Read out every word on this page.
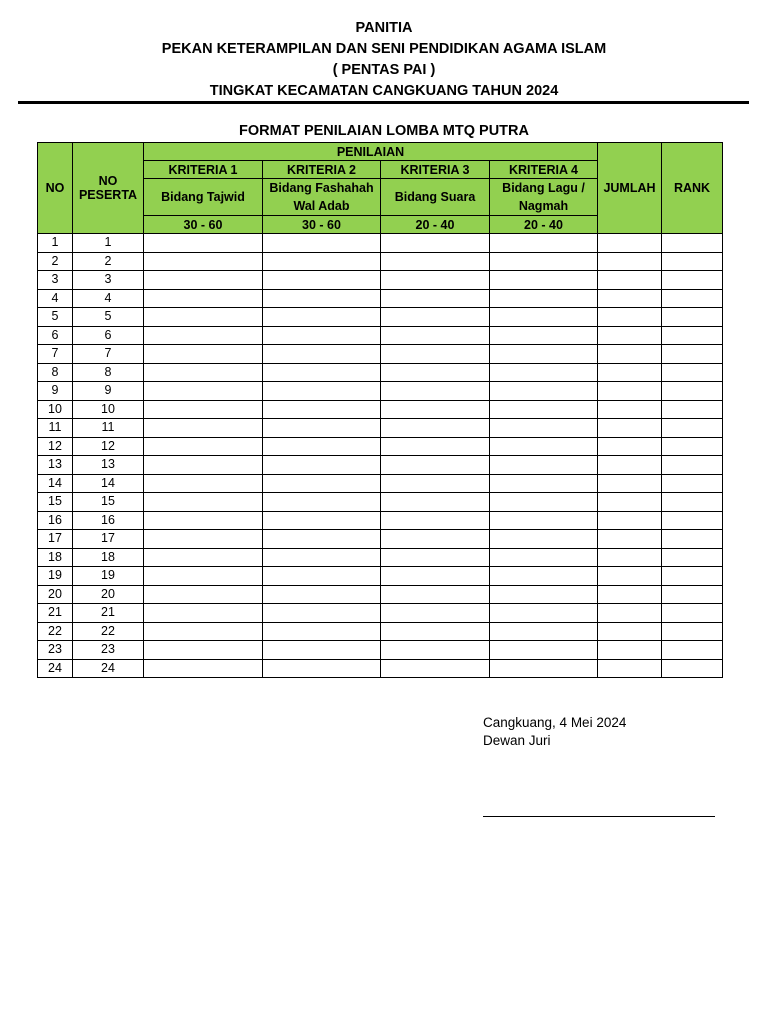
PANITIA
PEKAN KETERAMPILAN DAN SENI PENDIDIKAN AGAMA ISLAM
( PENTAS PAI )
TINGKAT KECAMATAN CANGKUANG TAHUN 2024
FORMAT PENILAIAN LOMBA MTQ PUTRA
NO	NO PESERTA	PENILAIAN				JUMLAH	RANK
		KRITERIA 1	KRITERIA 2	KRITERIA 3	KRITERIA 4		
		Bidang Tajwid	Bidang Fashahah Wal Adab	Bidang Suara	Bidang Lagu / Nagmah		
		30 - 60	30 - 60	20 - 40	20 - 40		
1	1						
2	2						
3	3						
4	4						
5	5						
6	6						
7	7						
8	8						
9	9						
10	10						
11	11						
12	12						
13	13						
14	14						
15	15						
16	16						
17	17						
18	18						
19	19						
20	20						
21	21						
22	22						
23	23						
24	24						
Cangkuang, 4 Mei 2024
Dewan Juri
